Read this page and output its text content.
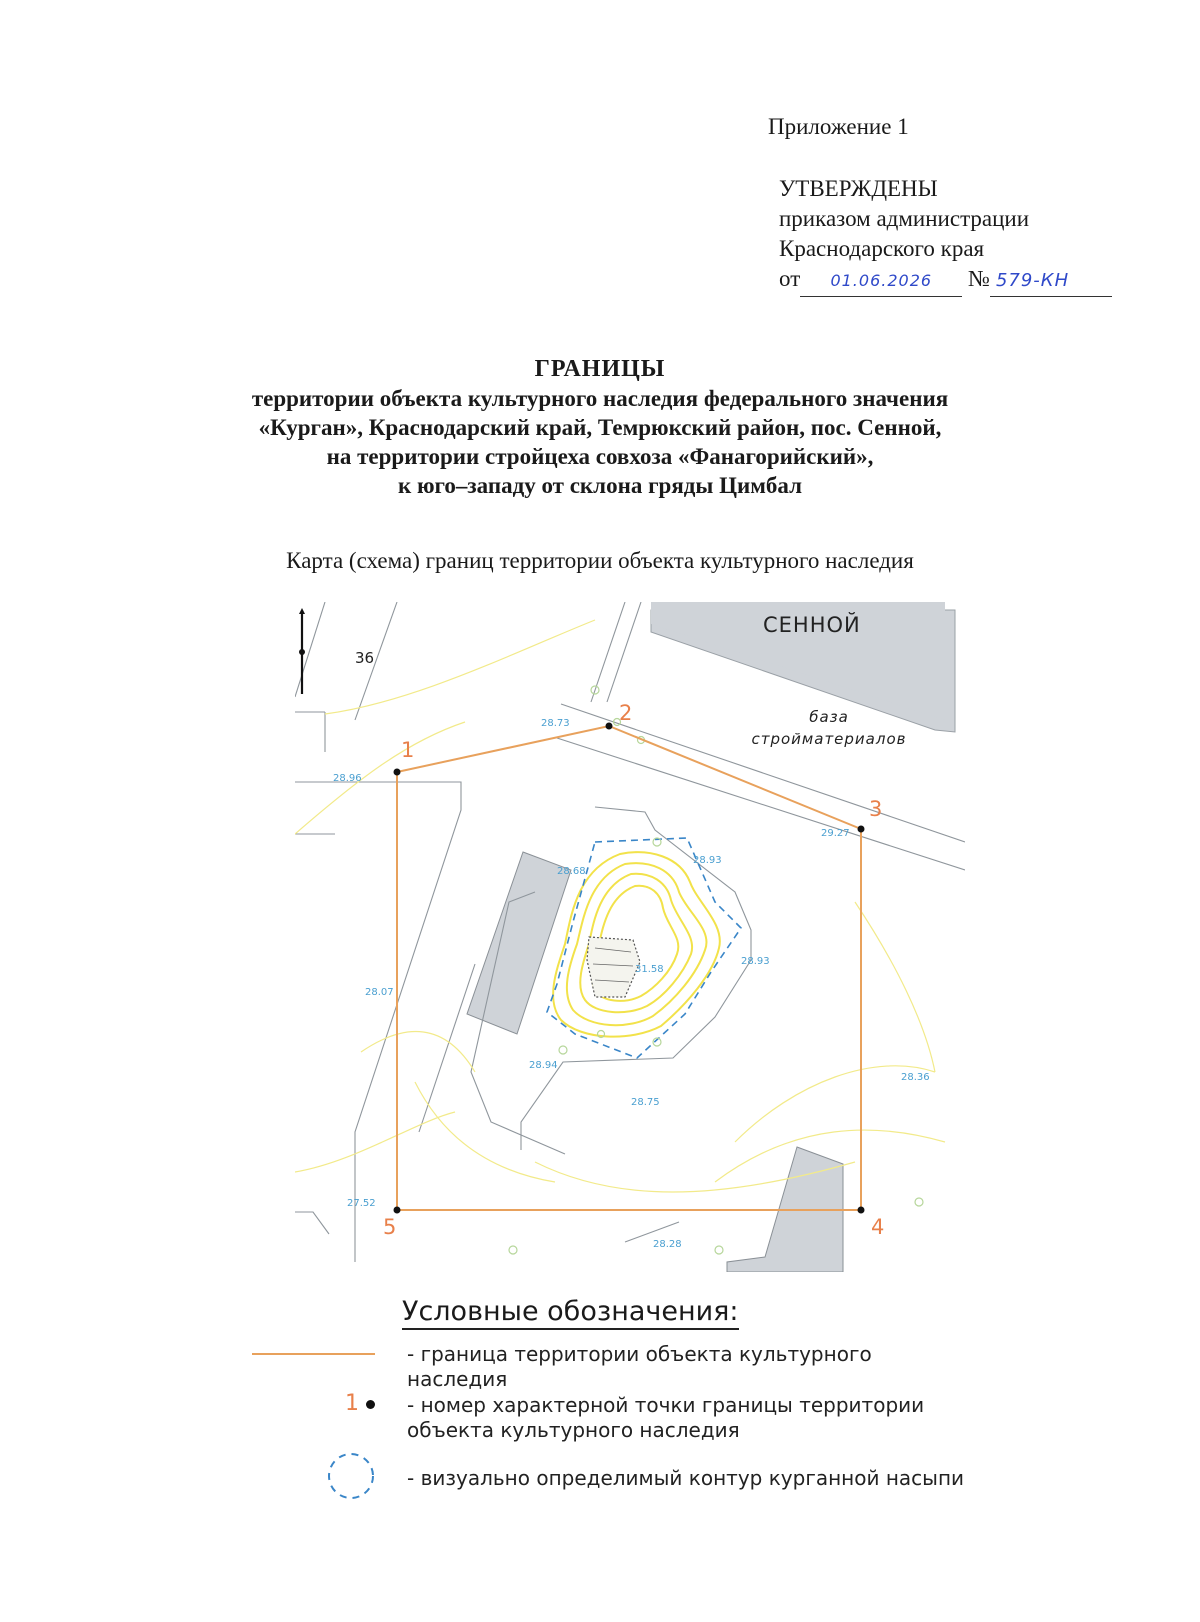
Приложение 1
УТВЕРЖДЕНЫ
приказом администрации
Краснодарского края
от 01.06.2026 № 579-КН
ГРАНИЦЫ
территории объекта культурного наследия федерального значения
«Курган», Краснодарский край, Темрюкский район, пос. Сенной,
на территории стройцеха совхоза «Фанагорийский»,
к юго–западу от склона гряды Цимбал
Карта (схема) границ территории объекта культурного наследия
1
2
3
4
5
28.96
28.73
29.27
28.68
28.93
28.93
31.58
28.07
28.94
28.75
28.36
27.52
28.28
СЕННОЙ
36
база
стройматериалов
Условные обозначения:
- граница территории объекта культурного
наследия
1 - номер характерной точки границы территории
объекта культурного наследия
- визуально определимый контур курганной насыпи
